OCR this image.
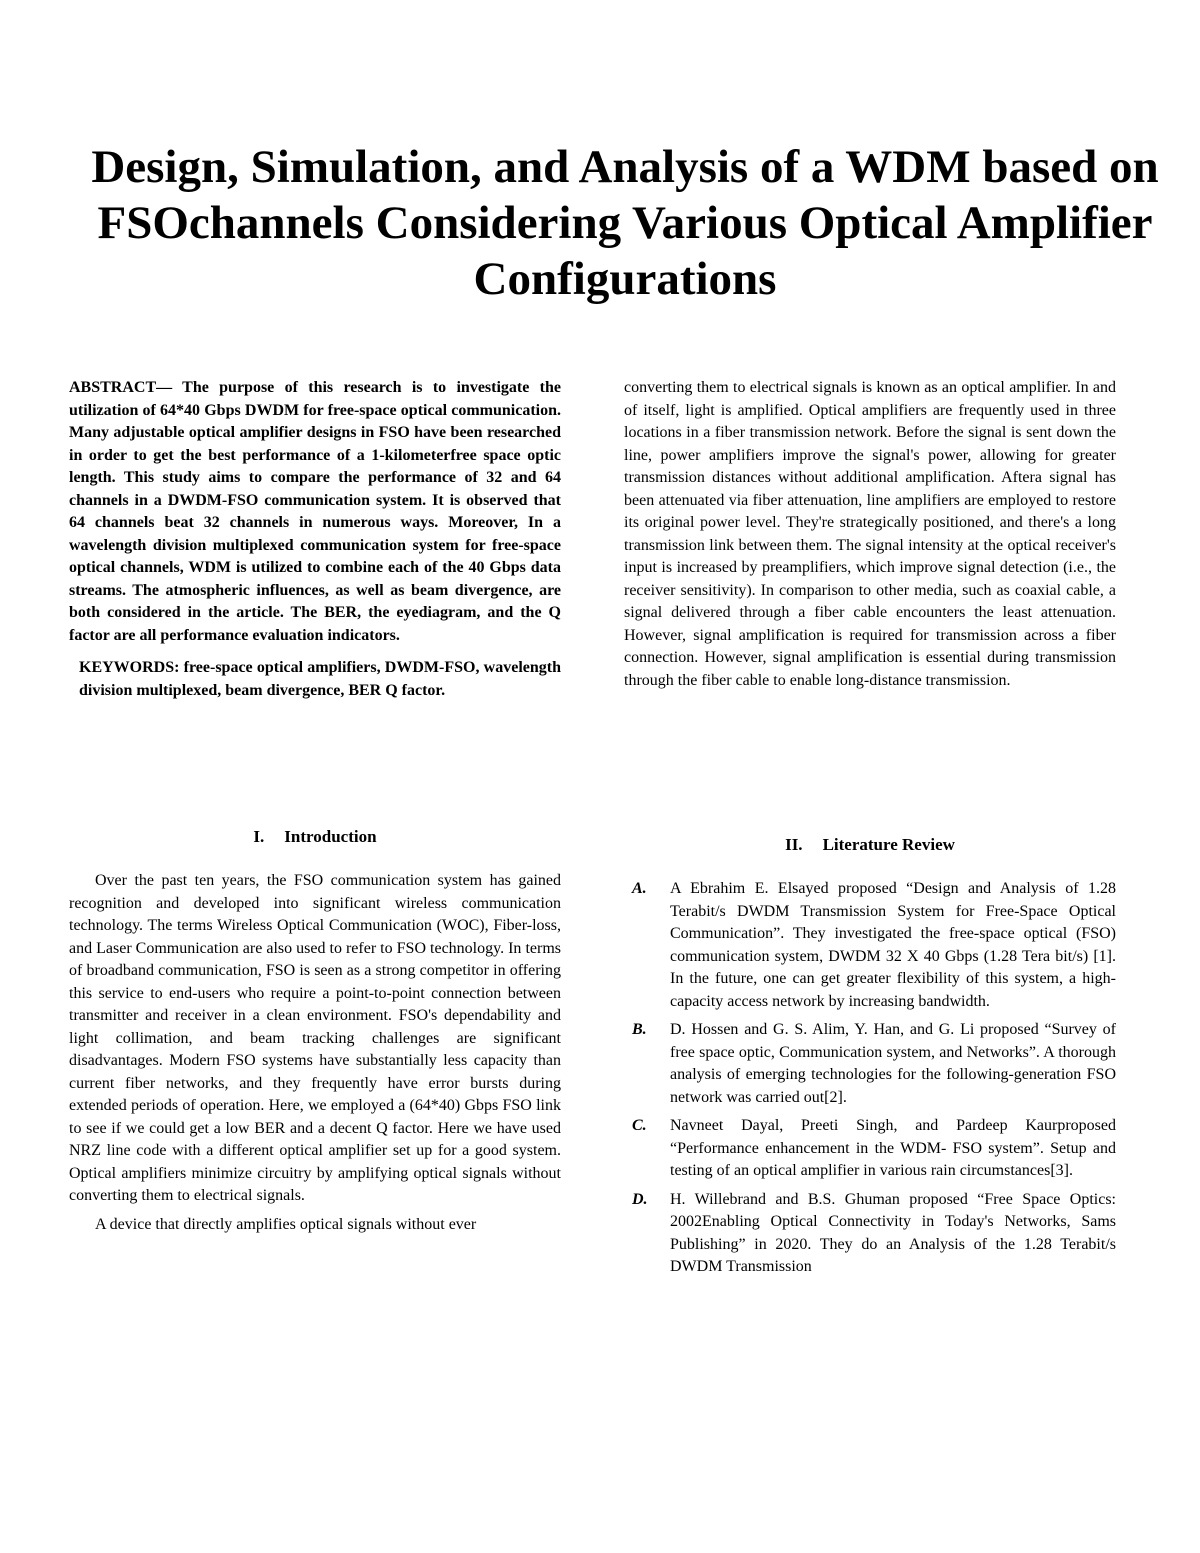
Design, Simulation, and Analysis of a WDM based on FSOchannels Considering Various Optical Amplifier Configurations

ABSTRACT— The purpose of this research is to investigate the utilization of 64*40 Gbps DWDM for free-space optical communication. Many adjustable optical amplifier designs in FSO have been researched in order to get the best performance of a 1-kilometerfree space optic length. This study aims to compare the performance of 32 and 64 channels in a DWDM-FSO communication system. It is observed that 64 channels beat 32 channels in numerous ways. Moreover, In a wavelength division multiplexed communication system for free-space optical channels, WDM is utilized to combine each of the 40 Gbps data streams. The atmospheric influences, as well as beam divergence, are both considered in the article. The BER, the eyediagram, and the Q factor are all performance evaluation indicators.

KEYWORDS: free-space optical amplifiers, DWDM-FSO, wavelength division multiplexed, beam divergence, BER Q factor.

converting them to electrical signals is known as an optical amplifier. In and of itself, light is amplified. Optical amplifiers are frequently used in three locations in a fiber transmission network. Before the signal is sent down the line, power amplifiers improve the signal's power, allowing for greater transmission distances without additional amplification. Aftera signal has been attenuated via fiber attenuation, line amplifiers are employed to restore its original power level. They're strategically positioned, and there's a long transmission link between them. The signal intensity at the optical receiver's input is increased by preamplifiers, which improve signal detection (i.e., the receiver sensitivity). In comparison to other media, such as coaxial cable, a signal delivered through a fiber cable encounters the least attenuation. However, signal amplification is required for transmission across a fiber connection. However, signal amplification is essential during transmission through the fiber cable to enable long-distance transmission.

I. Introduction

Over the past ten years, the FSO communication system has gained recognition and developed into significant wireless communication technology. The terms Wireless Optical Communication (WOC), Fiber-loss, and Laser Communication are also used to refer to FSO technology. In terms of broadband communication, FSO is seen as a strong competitor in offering this service to end-users who require a point-to-point connection between transmitter and receiver in a clean environment. FSO's dependability and light collimation, and beam tracking challenges are significant disadvantages. Modern FSO systems have substantially less capacity than current fiber networks, and they frequently have error bursts during extended periods of operation. Here, we employed a (64*40) Gbps FSO link to see if we could get a low BER and a decent Q factor. Here we have used NRZ line code with a different optical amplifier set up for a good system. Optical amplifiers minimize circuitry by amplifying optical signals without converting them to electrical signals.

A device that directly amplifies optical signals without ever

II. Literature Review

A. A Ebrahim E. Elsayed proposed “Design and Analysis of 1.28 Terabit/s DWDM Transmission System for Free-Space Optical Communication”. They investigated the free-space optical (FSO) communication system, DWDM 32 X 40 Gbps (1.28 Tera bit/s) [1]. In the future, one can get greater flexibility of this system, a high-capacity access network by increasing bandwidth.
B. D. Hossen and G. S. Alim, Y. Han, and G. Li proposed “Survey of free space optic, Communication system, and Networks”. A thorough analysis of emerging technologies for the following-generation FSO network was carried out[2].
C. Navneet Dayal, Preeti Singh, and Pardeep Kaurproposed “Performance enhancement in the WDM- FSO system”. Setup and testing of an optical amplifier in various rain circumstances[3].
D. H. Willebrand and B.S. Ghuman proposed “Free Space Optics: 2002Enabling Optical Connectivity in Today's Networks, Sams Publishing” in 2020. They do an Analysis of the 1.28 Terabit/s DWDM Transmission
